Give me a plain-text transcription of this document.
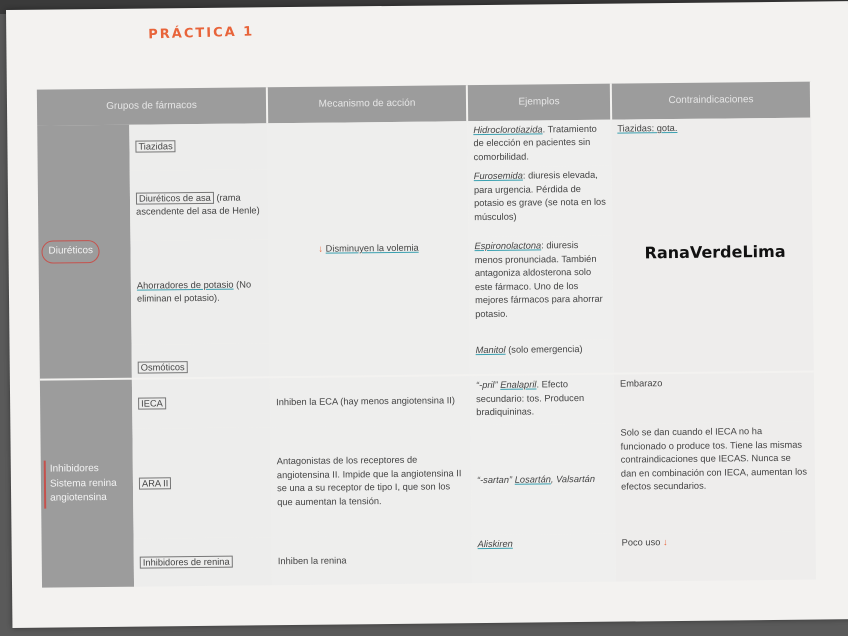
PRÁCTICA 1
Grupos de fármacos		Mecanismo de acción	Ejemplos	Contraindicaciones
Diuréticos	Tiazidas	↓ Disminuyen la volemia	Hidroclorotiazida. Tratamiento de elección en pacientes sin comorbilidad.	Tiazidas: gota.
	Diuréticos de asa (rama ascendente del asa de Henle)		Furosemida: diuresis elevada, para urgencia. Pérdida de potasio es grave (se nota en los músculos)	
	Ahorradores de potasio (No eliminan el potasio).		Espironolactona: diuresis menos pronunciada. También antagoniza aldosterona solo este fármaco. Uno de los mejores fármacos para ahorrar potasio.	
	Osmóticos		Manitol (solo emergencia)	
Inhibidores Sistema renina angiotensina	IECA	Inhiben la ECA (hay menos angiotensina II)	“-pril” Enalapril. Efecto secundario: tos. Producen bradiquininas.	Embarazo
	ARA II	Antagonistas de los receptores de angiotensina II. Impide que la angiotensina II se una a su receptor de tipo I, que son los que aumentan la tensión.	“-sartan” Losartán, Valsartán	Solo se dan cuando el IECA no ha funcionado o produce tos. Tiene las mismas contraindicaciones que IECAS. Nunca se dan en combinación con IECA, aumentan los efectos secundarios.
	Inhibidores de renina	Inhiben la renina	Aliskiren	Poco uso ↓
RanaVerdeLima
